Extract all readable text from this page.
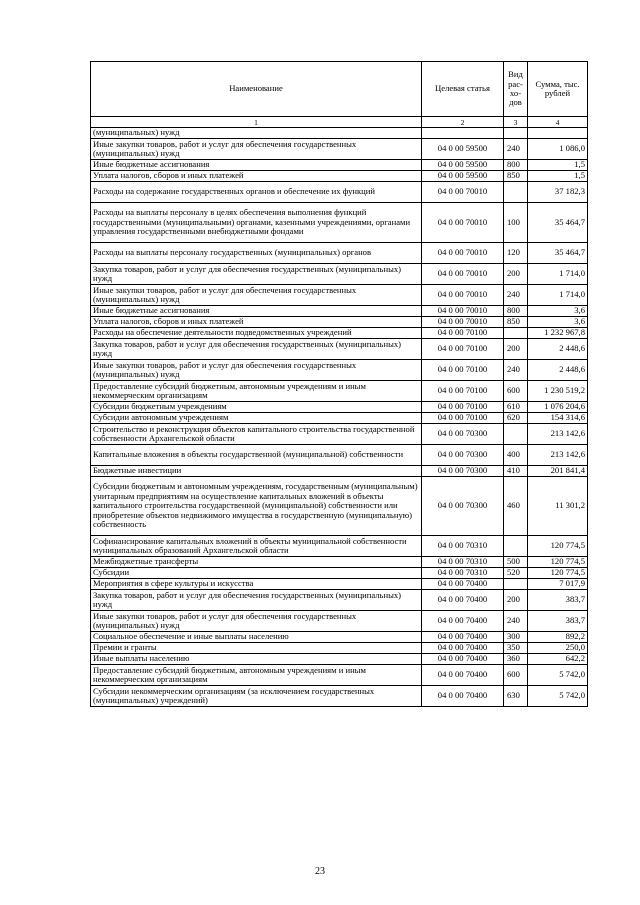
Наименование	Целевая статья	Вид рас-хо-дов	Сумма, тыс. рублей
1	2	3	4
(муниципальных) нужд			
Иные закупки товаров, работ и услуг для обеспечения государственных (муниципальных) нужд	04 0 00 59500	240	1 086,0
Иные бюджетные ассигнования	04 0 00 59500	800	1,5
Уплата налогов, сборов и иных платежей	04 0 00 59500	850	1,5
Расходы на содержание государственных органов и обеспечение их функций	04 0 00 70010		37 182,3
Расходы на выплаты персоналу в целях обеспечения выполнения функций государственными (муниципальными) органами, казенными учреждениями, органами управления государственными внебюджетными фондами	04 0 00 70010	100	35 464,7
Расходы на выплаты персоналу государственных (муниципальных) органов	04 0 00 70010	120	35 464,7
Закупка товаров, работ и услуг для обеспечения государственных (муниципальных) нужд	04 0 00 70010	200	1 714,0
Иные закупки товаров, работ и услуг для обеспечения государственных (муниципальных) нужд	04 0 00 70010	240	1 714,0
Иные бюджетные ассигнования	04 0 00 70010	800	3,6
Уплата налогов, сборов и иных платежей	04 0 00 70010	850	3,6
Расходы на обеспечение деятельности подведомственных учреждений	04 0 00 70100		1 232 967,8
Закупка товаров, работ и услуг для обеспечения государственных (муниципальных) нужд	04 0 00 70100	200	2 448,6
Иные закупки товаров, работ и услуг для обеспечения государственных (муниципальных) нужд	04 0 00 70100	240	2 448,6
Предоставление субсидий бюджетным, автономным учреждениям и иным некоммерческим организациям	04 0 00 70100	600	1 230 519,2
Субсидии бюджетным учреждениям	04 0 00 70100	610	1 076 204,6
Субсидии автономным учреждениям	04 0 00 70100	620	154 314,6
Строительство и реконструкция объектов капитального строительства государственной собственности Архангельской области	04 0 00 70300		213 142,6
Капитальные вложения в объекты государственной (муниципальной) собственности	04 0 00 70300	400	213 142,6
Бюджетные инвестиции	04 0 00 70300	410	201 841,4
Субсидии бюджетным и автономным учреждениям, государственным (муниципальным) унитарным предприятиям на осуществление капитальных вложений в объекты капитального строительства государственной (муниципальной) собственности или приобретение объектов недвижимого имущества в государственную (муниципальную) собственность	04 0 00 70300	460	11 301,2
Софинансирование капитальных вложений в объекты муниципальной собственности муниципальных образований Архангельской области	04 0 00 70310		120 774,5
Межбюджетные трансферты	04 0 00 70310	500	120 774,5
Субсидии	04 0 00 70310	520	120 774,5
Мероприятия в сфере культуры и искусства	04 0 00 70400		7 017,9
Закупка товаров, работ и услуг для обеспечения государственных (муниципальных) нужд	04 0 00 70400	200	383,7
Иные закупки товаров, работ и услуг для обеспечения государственных (муниципальных) нужд	04 0 00 70400	240	383,7
Социальное обеспечение и иные выплаты населению	04 0 00 70400	300	892,2
Премии и гранты	04 0 00 70400	350	250,0
Иные выплаты населению	04 0 00 70400	360	642,2
Предоставление субсидий бюджетным, автономным учреждениям и иным некоммерческим организациям	04 0 00 70400	600	5 742,0
Субсидии некоммерческим организациям (за исключением государственных (муниципальных) учреждений)	04 0 00 70400	630	5 742,0
23
